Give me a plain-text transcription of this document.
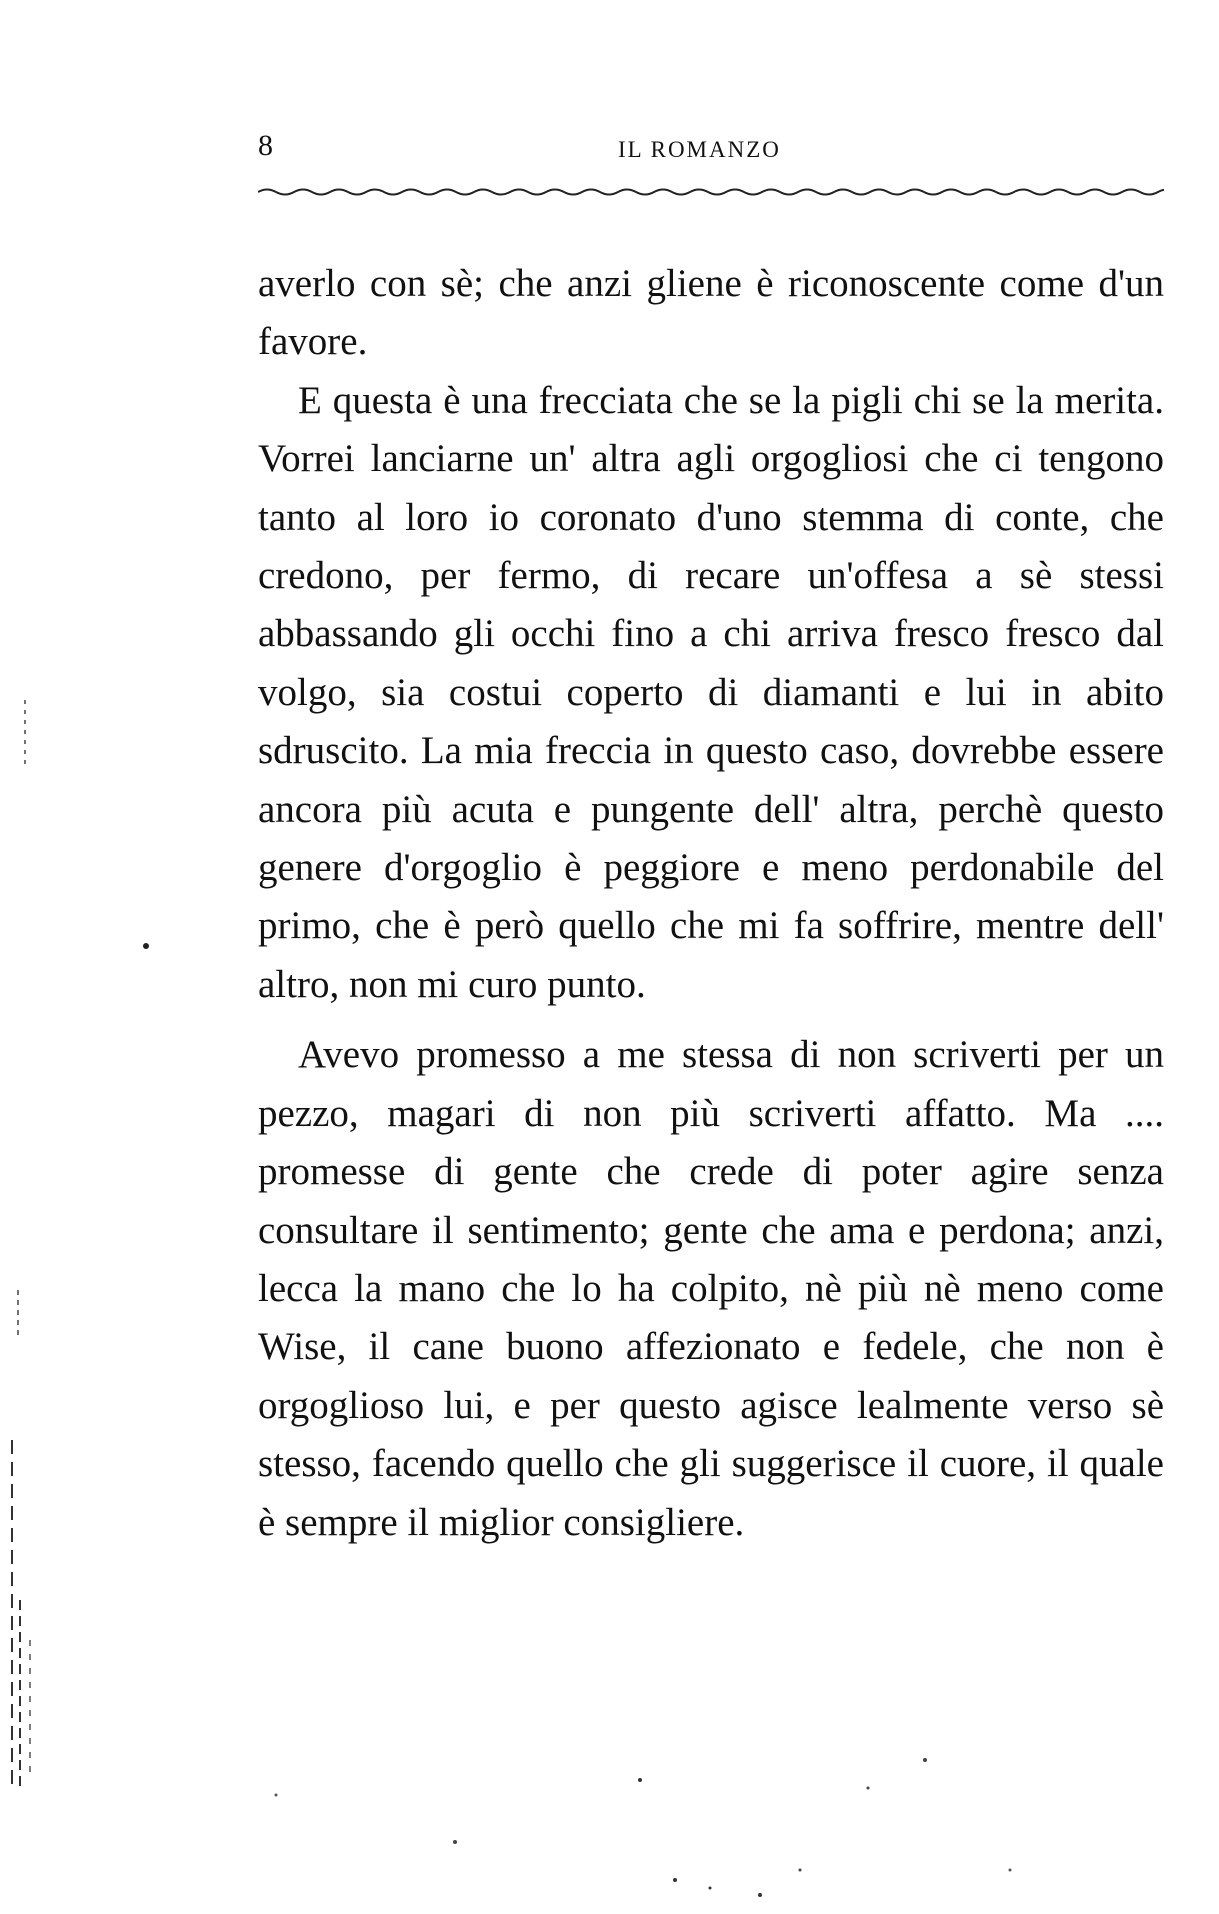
8	IL ROMANZO

averlo con sè; che anzi gliene è riconoscente come d'un favore.

E questa è una frecciata che se la pigli chi se la merita. Vorrei lanciarne un' altra agli orgogliosi che ci tengono tanto al loro io coronato d'uno stemma di conte, che credono, per fermo, di recare un'offesa a sè stessi abbassando gli occhi fino a chi arriva fresco fresco dal volgo, sia costui coperto di diamanti e lui in abito sdruscito. La mia freccia in questo caso, dovrebbe essere ancora più acuta e pungente dell' altra, perchè questo genere d'orgoglio è peggiore e meno perdonabile del primo, che è però quello che mi fa soffrire, mentre dell' altro, non mi curo punto.

Avevo promesso a me stessa di non scriverti per un pezzo, magari di non più scriverti affatto. Ma .... promesse di gente che crede di poter agire senza consultare il sentimento; gente che ama e perdona; anzi, lecca la mano che lo ha colpito, nè più nè meno come Wise, il cane buono affezionato e fedele, che non è orgoglioso lui, e per questo agisce lealmente verso sè stesso, facendo quello che gli suggerisce il cuore, il quale è sempre il miglior consigliere.
